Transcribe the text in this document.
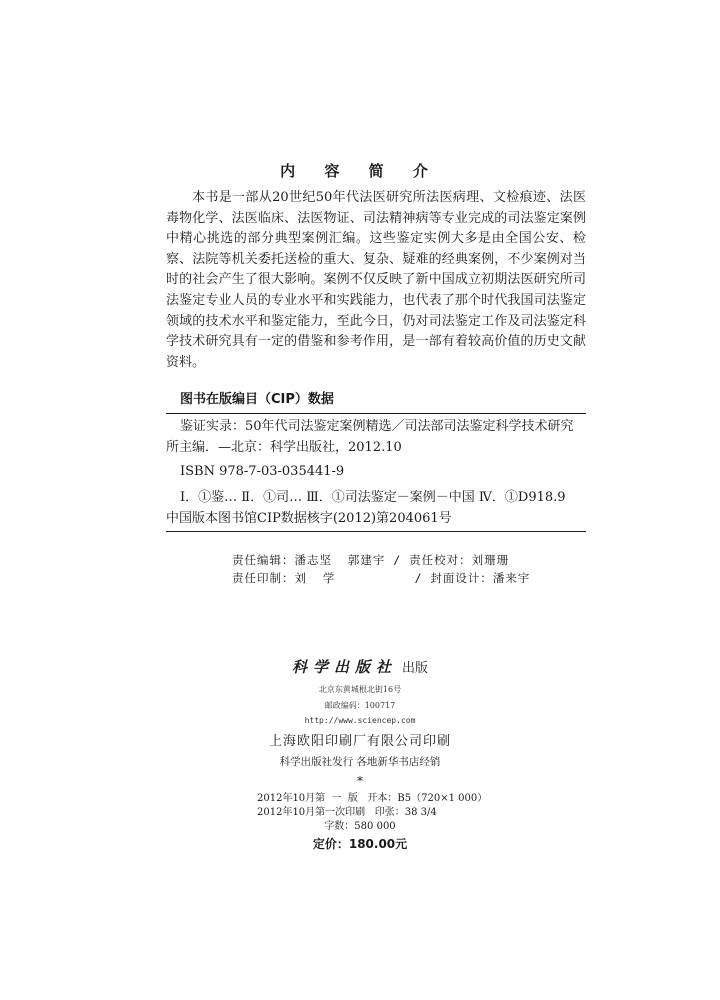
内 容 简 介

本书是一部从20世纪50年代法医研究所法医病理、文检痕迹、法医毒物化学、法医临床、法医物证、司法精神病等专业完成的司法鉴定案例中精心挑选的部分典型案例汇编。这些鉴定实例大多是由全国公安、检察、法院等机关委托送检的重大、复杂、疑难的经典案例，不少案例对当时的社会产生了很大影响。案例不仅反映了新中国成立初期法医研究所司法鉴定专业人员的专业水平和实践能力，也代表了那个时代我国司法鉴定领域的技术水平和鉴定能力，至此今日，仍对司法鉴定工作及司法鉴定科学技术研究具有一定的借鉴和参考作用，是一部有着较高价值的历史文献资料。

图书在版编目（CIP）数据
鉴证实录：50年代司法鉴定案例精选／司法部司法鉴定科学技术研究
所主编．—北京：科学出版社，2012.10
ISBN 978-7-03-035441-9
Ⅰ．①鉴… Ⅱ．①司… Ⅲ．①司法鉴定－案例－中国 Ⅳ．①D918.9
中国版本图书馆CIP数据核字(2012)第204061号
责任编辑：潘志坚  郭建宇 / 责任校对：刘珊珊
责任印制：刘  学          / 封面设计：潘来宇
科学出版社 出版
北京东黄城根北街16号
邮政编码：100717
http://www.sciencep.com
上海欧阳印刷厂有限公司印刷
科学出版社发行 各地新华书店经销
*
2012年10月第  一  版   开本：B5（720×1 000）
2012年10月第一次印刷   印张：38 3/4
字数：580 000
定价：180.00元
